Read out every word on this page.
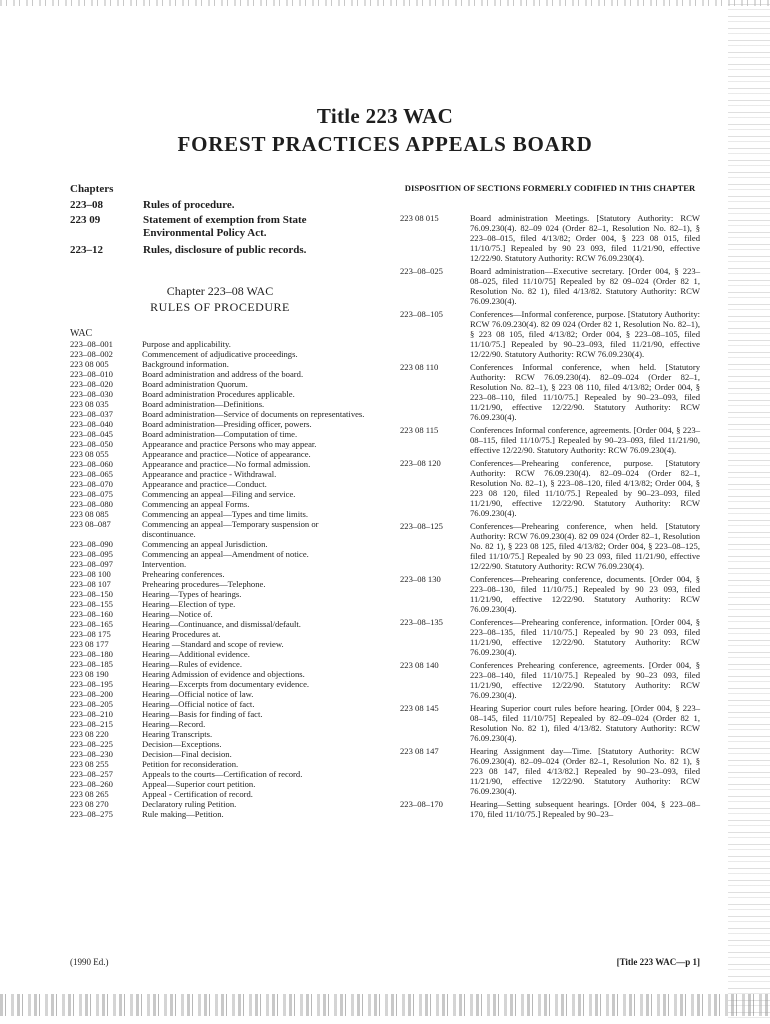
Title 223 WAC
FOREST PRACTICES APPEALS BOARD
Chapters
223–08	Rules of procedure.
223 09	Statement of exemption from State Environmental Policy Act.
223–12	Rules, disclosure of public records.
Chapter 223–08 WAC
RULES OF PROCEDURE
WAC
223–08–001	Purpose and applicability.
223–08–002	Commencement of adjudicative proceedings.
223 08 005	Background information.
223–08–010	Board administration and address of the board.
223–08–020	Board administration Quorum.
223–08–030	Board administration Procedures applicable.
223 08 035	Board administration—Definitions.
223–08–037	Board administration—Service of documents on representatives.
223–08–040	Board administration—Presiding officer, powers.
223–08–045	Board administration—Computation of time.
223–08–050	Appearance and practice Persons who may appear.
223 08 055	Appearance and practice—Notice of appearance.
223–08–060	Appearance and practice—No formal admission.
223–08–065	Appearance and practice - Withdrawal.
223–08–070	Appearance and practice—Conduct.
223–08–075	Commencing an appeal—Filing and service.
223–08–080	Commencing an appeal Forms.
223 08 085	Commencing an appeal—Types and time limits.
223 08–087	Commencing an appeal—Temporary suspension or discontinuance.
223–08–090	Commencing an appeal Jurisdiction.
223–08–095	Commencing an appeal—Amendment of notice.
223–08–097	Intervention.
223–08 100	Prehearing conferences.
223–08 107	Prehearing procedures—Telephone.
223–08–150	Hearing—Types of hearings.
223–08–155	Hearing—Election of type.
223–08–160	Hearing—Notice of.
223–08–165	Hearing—Continuance, and dismissal/default.
223–08 175	Hearing Procedures at.
223 08 177	Hearing —Standard and scope of review.
223–08–180	Hearing—Additional evidence.
223–08–185	Hearing—Rules of evidence.
223 08 190	Hearing Admission of evidence and objections.
223–08–195	Hearing—Excerpts from documentary evidence.
223–08–200	Hearing—Official notice of law.
223–08–205	Hearing—Official notice of fact.
223–08–210	Hearing—Basis for finding of fact.
223–08–215	Hearing—Record.
223 08 220	Hearing Transcripts.
223–08–225	Decision—Exceptions.
223–08–230	Decision—Final decision.
223 08 255	Petition for reconsideration.
223–08–257	Appeals to the courts—Certification of record.
223–08–260	Appeal—Superior court petition.
223 08 265	Appeal - Certification of record.
223 08 270	Declaratory ruling Petition.
223–08–275	Rule making—Petition.
DISPOSITION OF SECTIONS FORMERLY CODIFIED IN THIS CHAPTER
223 08 015	Board administration Meetings. [Statutory Authority: RCW 76.09.230(4). 82–09 024 (Order 82–1, Resolution No. 82–1), § 223–08–015, filed 4/13/82; Order 004, § 223 08 015, filed 11/10/75.] Repealed by 90 23 093, filed 11/21/90, effective 12/22/90. Statutory Authority: RCW 76.09.230(4).
223–08–025	Board administration—Executive secretary. [Order 004, § 223–08–025, filed 11/10/75] Repealed by 82 09–024 (Order 82 1, Resolution No. 82 1), filed 4/13/82. Statutory Authority: RCW 76.09.230(4).
223–08–105	Conferences—Informal conference, purpose. [Statutory Authority: RCW 76.09.230(4). 82 09 024 (Order 82 1, Resolution No. 82–1), § 223 08 105, filed 4/13/82; Order 004, § 223–08–105, filed 11/10/75.] Repealed by 90–23–093, filed 11/21/90, effective 12/22/90. Statutory Authority: RCW 76.09.230(4).
223 08 110	Conferences Informal conference, when held. [Statutory Authority: RCW 76.09.230(4). 82–09–024 (Order 82–1, Resolution No. 82–1), § 223 08 110, filed 4/13/82; Order 004, § 223–08–110, filed 11/10/75.] Repealed by 90–23–093, filed 11/21/90, effective 12/22/90. Statutory Authority: RCW 76.09.230(4).
223 08 115	Conferences Informal conference, agreements. [Order 004, § 223–08–115, filed 11/10/75.] Repealed by 90–23–093, filed 11/21/90, effective 12/22/90. Statutory Authority: RCW 76.09.230(4).
223–08 120	Conferences—Prehearing conference, purpose. [Statutory Authority: RCW 76.09.230(4). 82–09–024 (Order 82–1, Resolution No. 82–1), § 223–08–120, filed 4/13/82; Order 004, § 223 08 120, filed 11/10/75.] Repealed by 90–23–093, filed 11/21/90, effective 12/22/90. Statutory Authority: RCW 76.09.230(4).
223–08–125	Conferences—Prehearing conference, when held. [Statutory Authority: RCW 76.09.230(4). 82 09 024 (Order 82–1, Resolution No. 82 1), § 223 08 125, filed 4/13/82; Order 004, § 223–08–125, filed 11/10/75.] Repealed by 90 23 093, filed 11/21/90, effective 12/22/90. Statutory Authority: RCW 76.09.230(4).
223–08 130	Conferences—Prehearing conference, documents. [Order 004, § 223–08–130, filed 11/10/75.] Repealed by 90 23 093, filed 11/21/90, effective 12/22/90. Statutory Authority: RCW 76.09.230(4).
223–08–135	Conferences—Prehearing conference, information. [Order 004, § 223–08–135, filed 11/10/75.] Repealed by 90 23 093, filed 11/21/90, effective 12/22/90. Statutory Authority: RCW 76.09.230(4).
223 08 140	Conferences Prehearing conference, agreements. [Order 004, § 223–08–140, filed 11/10/75.] Repealed by 90–23 093, filed 11/21/90, effective 12/22/90. Statutory Authority: RCW 76.09.230(4).
223 08 145	Hearing Superior court rules before hearing. [Order 004, § 223–08–145, filed 11/10/75] Repealed by 82–09–024 (Order 82 1, Resolution No. 82 1), filed 4/13/82. Statutory Authority: RCW 76.09.230(4).
223 08 147	Hearing Assignment day—Time. [Statutory Authority: RCW 76.09.230(4). 82–09–024 (Order 82–1, Resolution No. 82 1), § 223 08 147, filed 4/13/82.] Repealed by 90–23–093, filed 11/21/90, effective 12/22/90. Statutory Authority: RCW 76.09.230(4).
223–08–170	Hearing—Setting subsequent hearings. [Order 004, § 223–08–170, filed 11/10/75.] Repealed by 90–23–
(1990 Ed.)	[Title 223 WAC—p 1]
